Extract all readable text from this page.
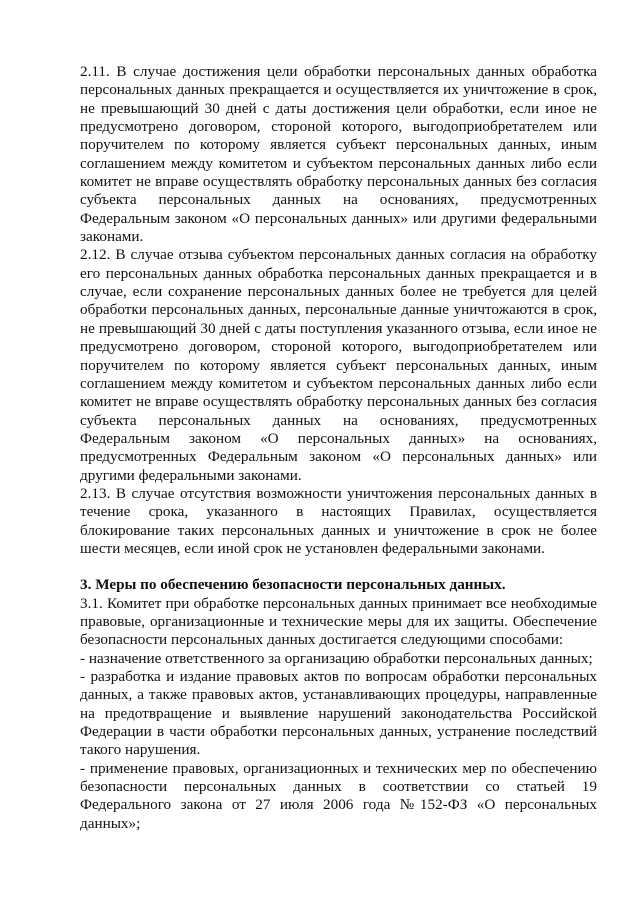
2.11. В случае достижения цели обработки персональных данных обработка персональных данных прекращается и осуществляется их уничтожение в срок, не превышающий 30 дней с даты достижения цели обработки, если иное не предусмотрено договором, стороной которого, выгодоприобретателем или поручителем по которому является субъект персональных данных, иным соглашением между комитетом и субъектом персональных данных либо если комитет не вправе осуществлять обработку персональных данных без согласия субъекта персональных данных на основаниях, предусмотренных Федеральным законом «О персональных данных» или другими федеральными законами.

2.12. В случае отзыва субъектом персональных данных согласия на обработку его персональных данных обработка персональных данных прекращается и в случае, если сохранение персональных данных более не требуется для целей обработки персональных данных, персональные данные уничтожаются в срок, не превышающий 30 дней с даты поступления указанного отзыва, если иное не предусмотрено договором, стороной которого, выгодоприобретателем или поручителем по которому является субъект персональных данных, иным соглашением между комитетом и субъектом персональных данных либо если комитет не вправе осуществлять обработку персональных данных без согласия субъекта персональных данных на основаниях, предусмотренных Федеральным законом «О персональных данных» на основаниях, предусмотренных Федеральным законом «О персональных данных» или другими федеральными законами.

2.13. В случае отсутствия возможности уничтожения персональных данных в течение срока, указанного в настоящих Правилах, осуществляется блокирование таких персональных данных и уничтожение в срок не более шести месяцев, если иной срок не установлен федеральными законами.

3. Меры по обеспечению безопасности персональных данных.

3.1. Комитет при обработке персональных данных принимает все необходимые правовые, организационные и технические меры для их защиты. Обеспечение безопасности персональных данных достигается следующими способами:

- назначение ответственного за организацию обработки персональных данных;

- разработка и издание правовых актов по вопросам обработки персональных данных, а также правовых актов, устанавливающих процедуры, направленные на предотвращение и выявление нарушений законодательства Российской Федерации в части обработки персональных данных, устранение последствий такого нарушения.

- применение правовых, организационных и технических мер по обеспечению безопасности персональных данных в соответствии со статьей 19 Федерального закона от 27 июля 2006 года №152-ФЗ «О персональных данных»;
